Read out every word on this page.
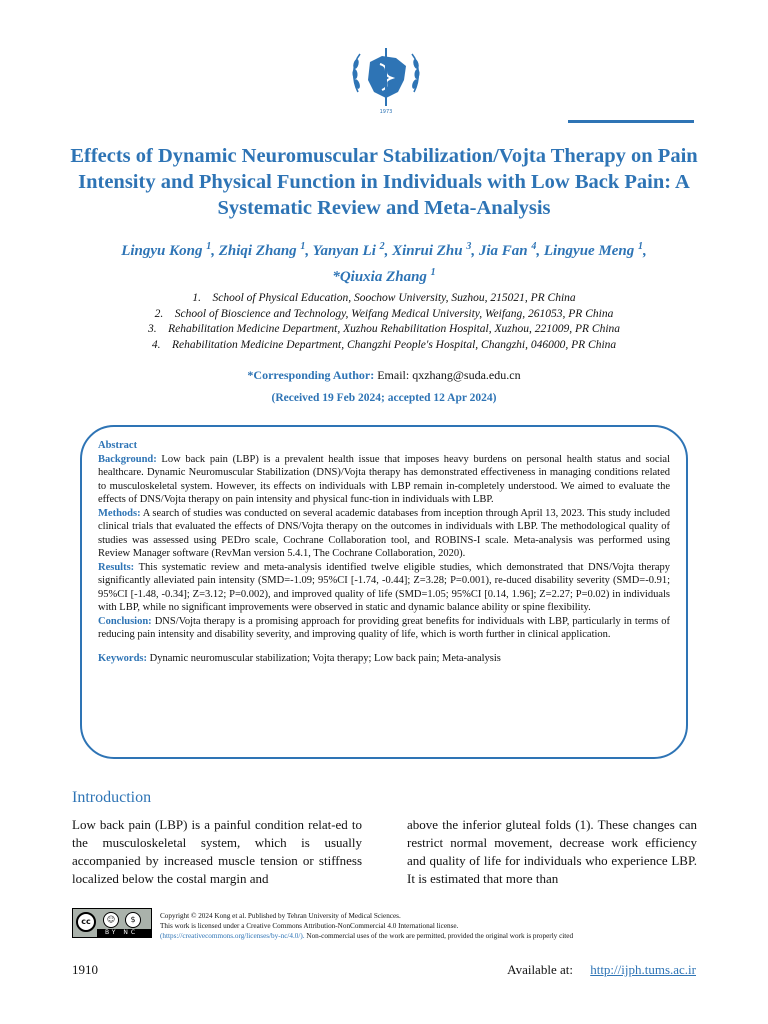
1973
Effects of Dynamic Neuromuscular Stabilization/Vojta Therapy on Pain Intensity and Physical Function in Individuals with Low Back Pain: A Systematic Review and Meta-Analysis
Lingyu Kong $^1$, Zhiqi Zhang $^1$, Yanyan Li $^2$, Xinrui Zhu $^3$, Jia Fan $^4$, Lingyue Meng $^1$,
*Qiuxia Zhang $^1$
1.    School of Physical Education, Soochow University, Suzhou, 215021, PR China
2.    School of Bioscience and Technology, Weifang Medical University, Weifang, 261053, PR China
3.    Rehabilitation Medicine Department, Xuzhou Rehabilitation Hospital, Xuzhou, 221009, PR China
4.    Rehabilitation Medicine Department, Changzhi People's Hospital, Changzhi, 046000, PR China
*Corresponding Author: Email: qxzhang@suda.edu.cn
(Received 19 Feb 2024; accepted 12 Apr 2024)

Abstract

Background: Low back pain (LBP) is a prevalent health issue that imposes heavy burdens on personal health status and social healthcare. Dynamic Neuromuscular Stabilization (DNS)/Vojta therapy has demonstrated effectiveness in managing conditions related to musculoskeletal system. However, its effects on individuals with LBP remain in-completely understood. We aimed to evaluate the effects of DNS/Vojta therapy on pain intensity and physical func-tion in individuals with LBP.

Methods: A search of studies was conducted on several academic databases from inception through April 13, 2023. This study included clinical trials that evaluated the effects of DNS/Vojta therapy on the outcomes in individuals with LBP. The methodological quality of studies was assessed using PEDro scale, Cochrane Collaboration tool, and ROBINS-I scale. Meta-analysis was performed using Review Manager software (RevMan version 5.4.1, The Cochrane Collaboration, 2020).

Results: This systematic review and meta-analysis identified twelve eligible studies, which demonstrated that DNS/Vojta therapy significantly alleviated pain intensity (SMD=-1.09; 95%CI [-1.74, -0.44]; Z=3.28; P=0.001), re-duced disability severity (SMD=-0.91; 95%CI [-1.48, -0.34]; Z=3.12; P=0.002), and improved quality of life (SMD=1.05; 95%CI [0.14, 1.96]; Z=2.27; P=0.02) in individuals with LBP, while no significant improvements were observed in static and dynamic balance ability or spine flexibility.

Conclusion: DNS/Vojta therapy is a promising approach for providing great benefits for individuals with LBP, particularly in terms of reducing pain intensity and disability severity, and improving quality of life, which is worth further in clinical application.

Keywords: Dynamic neuromuscular stabilization; Vojta therapy; Low back pain; Meta-analysis

Introduction

Low back pain (LBP) is a painful condition relat-ed to the musculoskeletal system, which is usually accompanied by increased muscle tension or stiffness localized below the costal margin and

above the inferior gluteal folds (1). These changes can restrict normal movement, decrease work efficiency and quality of life for individuals who experience LBP. It is estimated that more than

cc	☺	$
BY NC
Copyright © 2024 Kong et al. Published by Tehran University of Medical Sciences.
This work is licensed under a Creative Commons Attribution-NonCommercial 4.0 International license.
(https://creativecommons.org/licenses/by-nc/4.0/). Non-commercial uses of the work are permitted, provided the original work is properly cited
1910	Available at: http://ijph.tums.ac.ir
